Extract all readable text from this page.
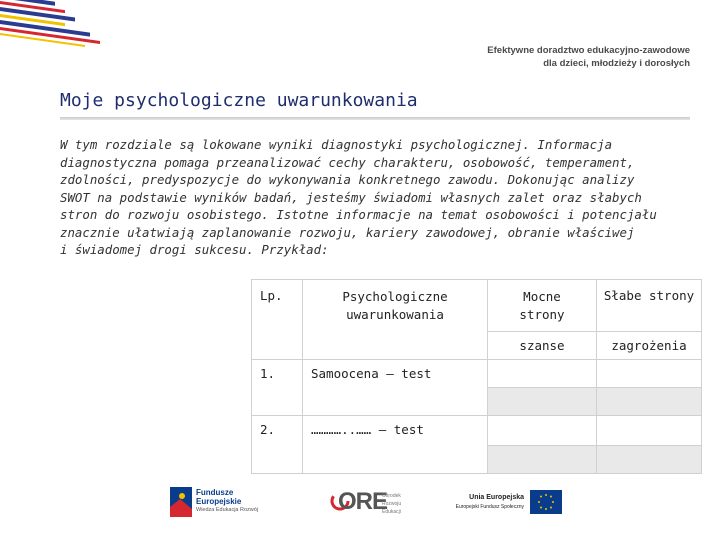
Efektywne doradztwo edukacyjno-zawodowe
dla dzieci, młodzieży i dorosłych
Moje psychologiczne uwarunkowania
W tym rozdziale są lokowane wyniki diagnostyki psychologicznej. Informacja
diagnostyczna pomaga przeanalizować cechy charakteru, osobowość, temperament,
zdolności, predyspozycje do wykonywania konkretnego zawodu. Dokonując analizy
SWOT na podstawie wyników badań, jesteśmy świadomi własnych zalet oraz słabych
stron do rozwoju osobistego. Istotne informacje na temat osobowości i potencjału
znacznie ułatwiają zaplanowanie rozwoju, kariery zawodowej, obranie właściwej
i świadomej drogi sukcesu. Przykład:
Lp.	Psychologiczne uwarunkowania	Mocne strony	Słabe strony
		szanse	zagrożenia
1.	Samoocena – test		

2.	…………..…… – test		

Fundusze
Europejskie
Wiedza Edukacja Rozwój	ORE
Ośrodek
Rozwoju
Edukacji
Unia Europejska
Europejski Fundusz Społeczny
